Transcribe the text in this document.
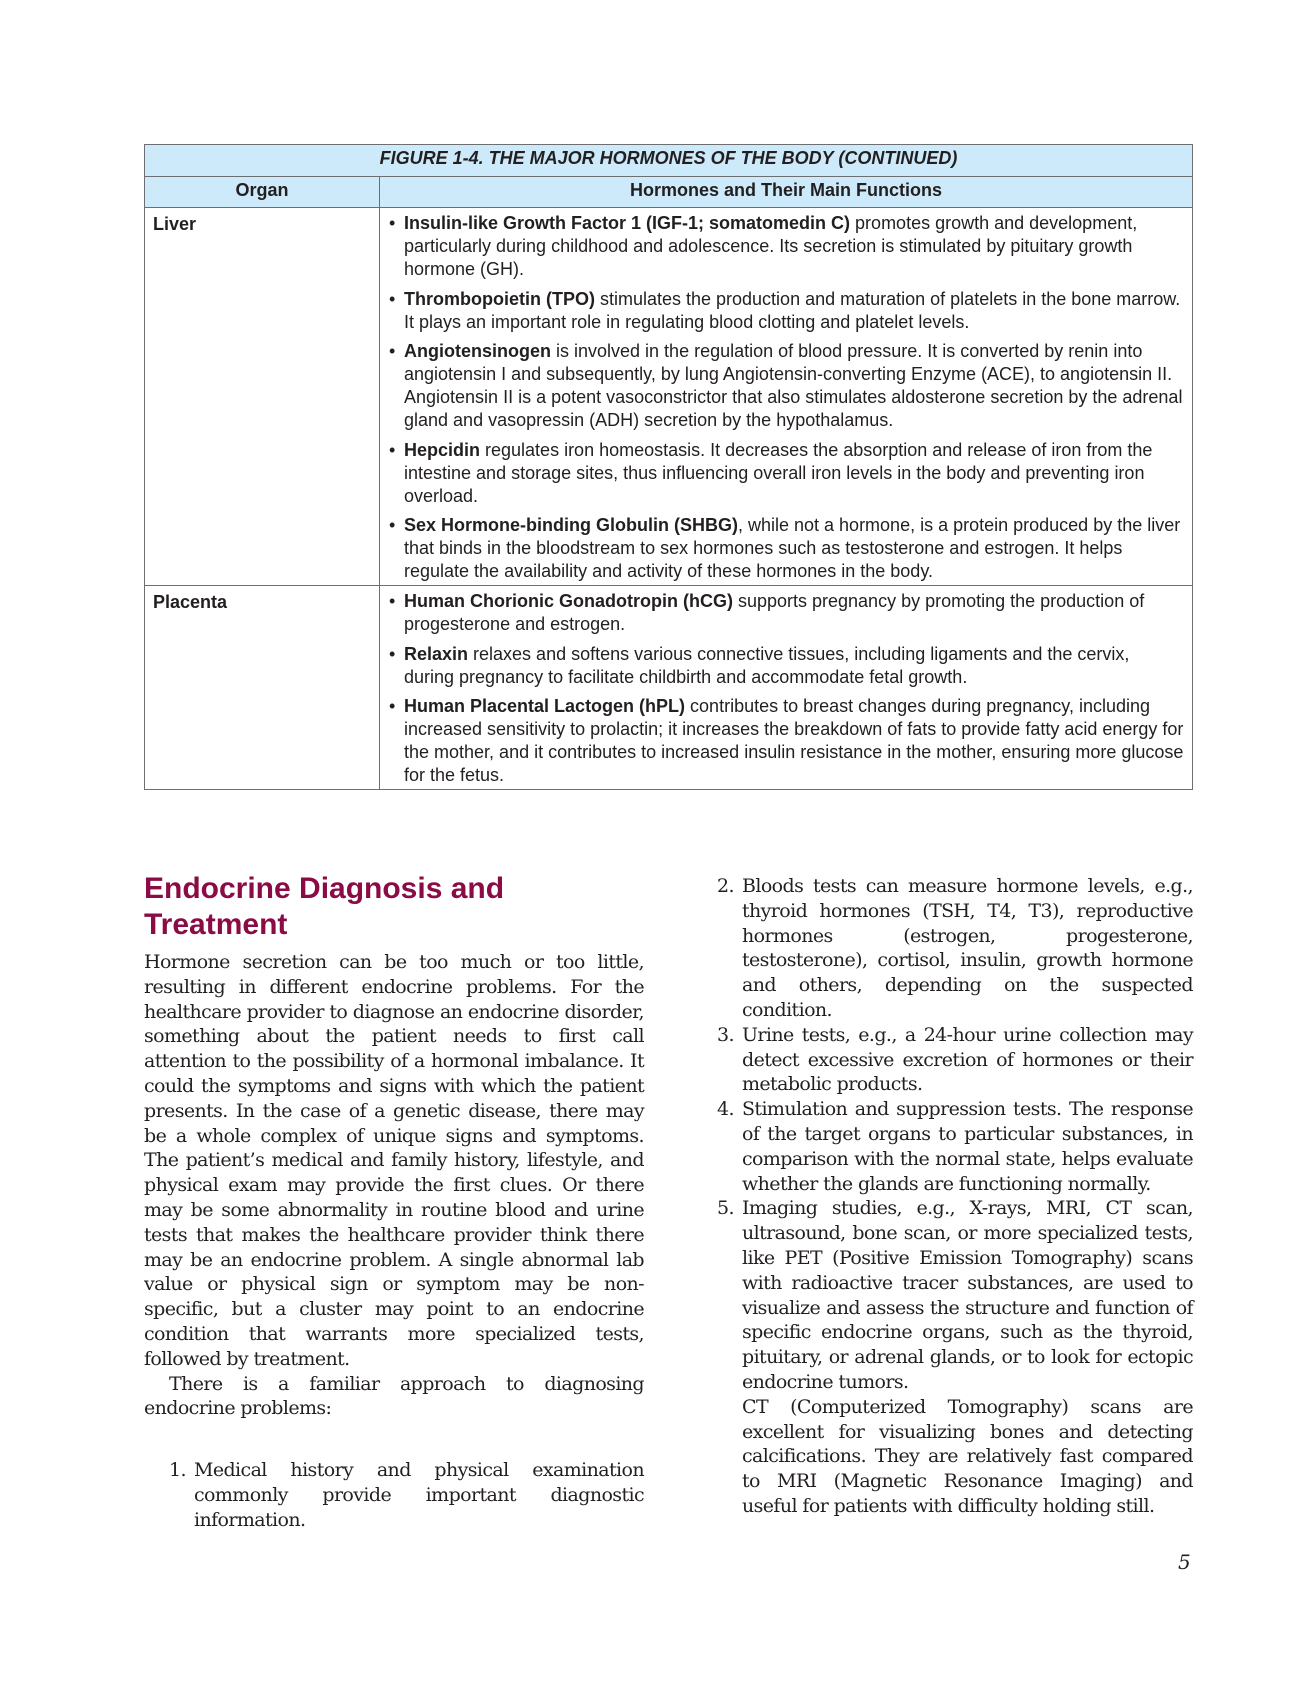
FIGURE 1-4. THE MAJOR HORMONES OF THE BODY (CONTINUED)	
Organ	Hormones and Their Main Functions
Liver	• Insulin-like Growth Factor 1 (IGF-1; somatomedin C) promotes growth and development, particularly during childhood and adolescence. Its secretion is stimulated by pituitary growth hormone (GH).
• Thrombopoietin (TPO) stimulates the production and maturation of platelets in the bone marrow. It plays an important role in regulating blood clotting and platelet levels.
• Angiotensinogen is involved in the regulation of blood pressure. It is converted by renin into angiotensin I and subsequently, by lung Angiotensin-converting Enzyme (ACE), to angiotensin II. Angiotensin II is a potent vasoconstrictor that also stimulates aldosterone secretion by the adrenal gland and vasopressin (ADH) secretion by the hypothalamus.
• Hepcidin regulates iron homeostasis. It decreases the absorption and release of iron from the intestine and storage sites, thus influencing overall iron levels in the body and preventing iron overload.
• Sex Hormone-binding Globulin (SHBG), while not a hormone, is a protein produced by the liver that binds in the bloodstream to sex hormones such as testosterone and estrogen. It helps regulate the availability and activity of these hormones in the body.

Placenta	• Human Chorionic Gonadotropin (hCG) supports pregnancy by promoting the production of progesterone and estrogen.
• Relaxin relaxes and softens various connective tissues, including ligaments and the cervix, during pregnancy to facilitate childbirth and accommodate fetal growth.
• Human Placental Lactogen (hPL) contributes to breast changes during pregnancy, including increased sensitivity to prolactin; it increases the breakdown of fats to provide fatty acid energy for the mother, and it contributes to increased insulin resistance in the mother, ensuring more glucose for the fetus.
Endocrine Diagnosis and Treatment

Hormone secretion can be too much or too little, resulting in different endocrine problems. For the healthcare provider to diagnose an endocrine disorder, something about the patient needs to first call attention to the possibility of a hormonal imbalance. It could the symptoms and signs with which the patient presents. In the case of a genetic disease, there may be a whole complex of unique signs and symptoms. The patient’s medical and family history, lifestyle, and physical exam may provide the first clues. Or there may be some abnormality in routine blood and urine tests that makes the healthcare provider think there may be an endocrine problem. A single abnormal lab value or physical sign or symptom may be non-specific, but a cluster may point to an endocrine condition that warrants more specialized tests, followed by treatment.

There is a familiar approach to diagnosing endocrine problems:

1. Medical history and physical examination commonly provide important diagnostic information.
2. Bloods tests can measure hormone levels, e.g., thyroid hormones (TSH, T4, T3), reproductive hormones (estrogen, progesterone, testosterone), cortisol, insulin, growth hormone and others, depending on the suspected condition.
3. Urine tests, e.g., a 24-hour urine collection may detect excessive excretion of hormones or their metabolic products.
4. Stimulation and suppression tests. The response of the target organs to particular substances, in comparison with the normal state, helps evaluate whether the glands are functioning normally.
5. Imaging studies, e.g., X-rays, MRI, CT scan, ultrasound, bone scan, or more specialized tests, like PET (Positive Emission Tomography) scans with radioactive tracer substances, are used to visualize and assess the structure and function of specific endocrine organs, such as the thyroid, pituitary, or adrenal glands, or to look for ectopic endocrine tumors.

CT (Computerized Tomography) scans are excellent for visualizing bones and detecting calcifications. They are relatively fast compared to MRI (Magnetic Resonance Imaging) and useful for patients with difficulty holding still.

5
